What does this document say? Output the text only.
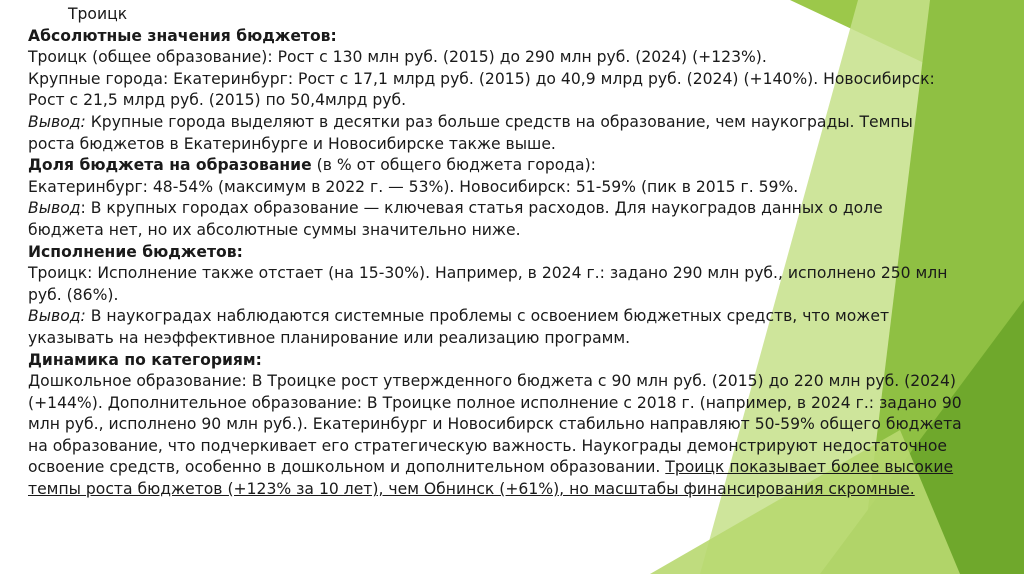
Троицк

Абсолютные значения бюджетов:

Троицк (общее образование): Рост с 130 млн руб. (2015) до 290 млн руб. (2024) (+123%).

Крупные города: Екатеринбург: Рост с 17,1 млрд руб. (2015) до 40,9 млрд руб. (2024) (+140%). Новосибирск: Рост с 21,5 млрд руб. (2015) по 50,4млрд руб.

Вывод: Крупные города выделяют в десятки раз больше средств на образование, чем наукограды. Темпы роста бюджетов в Екатеринбурге и Новосибирске также выше.

Доля бюджета на образование (в % от общего бюджета города):

Екатеринбург: 48-54% (максимум в 2022 г. — 53%). Новосибирск: 51-59% (пик в 2015 г. 59%.

Вывод: В крупных городах образование — ключевая статья расходов. Для наукоградов данных о доле бюджета нет, но их абсолютные суммы значительно ниже.

Исполнение бюджетов:

Троицк: Исполнение также отстает (на 15-30%). Например, в 2024 г.: задано 290 млн руб., исполнено 250 млн руб. (86%).

Вывод: В наукоградах наблюдаются системные проблемы с освоением бюджетных средств, что может указывать на неэффективное планирование или реализацию программ.

Динамика по категориям:

Дошкольное образование: В Троицке рост утвержденного бюджета с 90 млн руб. (2015) до 220 млн руб. (2024) (+144%). Дополнительное образование: В Троицке полное исполнение с 2018 г. (например, в 2024 г.: задано 90 млн руб., исполнено 90 млн руб.). Екатеринбург и Новосибирск стабильно направляют 50-59% общего бюджета на образование, что подчеркивает его стратегическую важность. Наукограды демонстрируют недостаточное освоение средств, особенно в дошкольном и дополнительном образовании. Троицк показывает более высокие темпы роста бюджетов (+123% за 10 лет), чем Обнинск (+61%), но масштабы финансирования скромные.
